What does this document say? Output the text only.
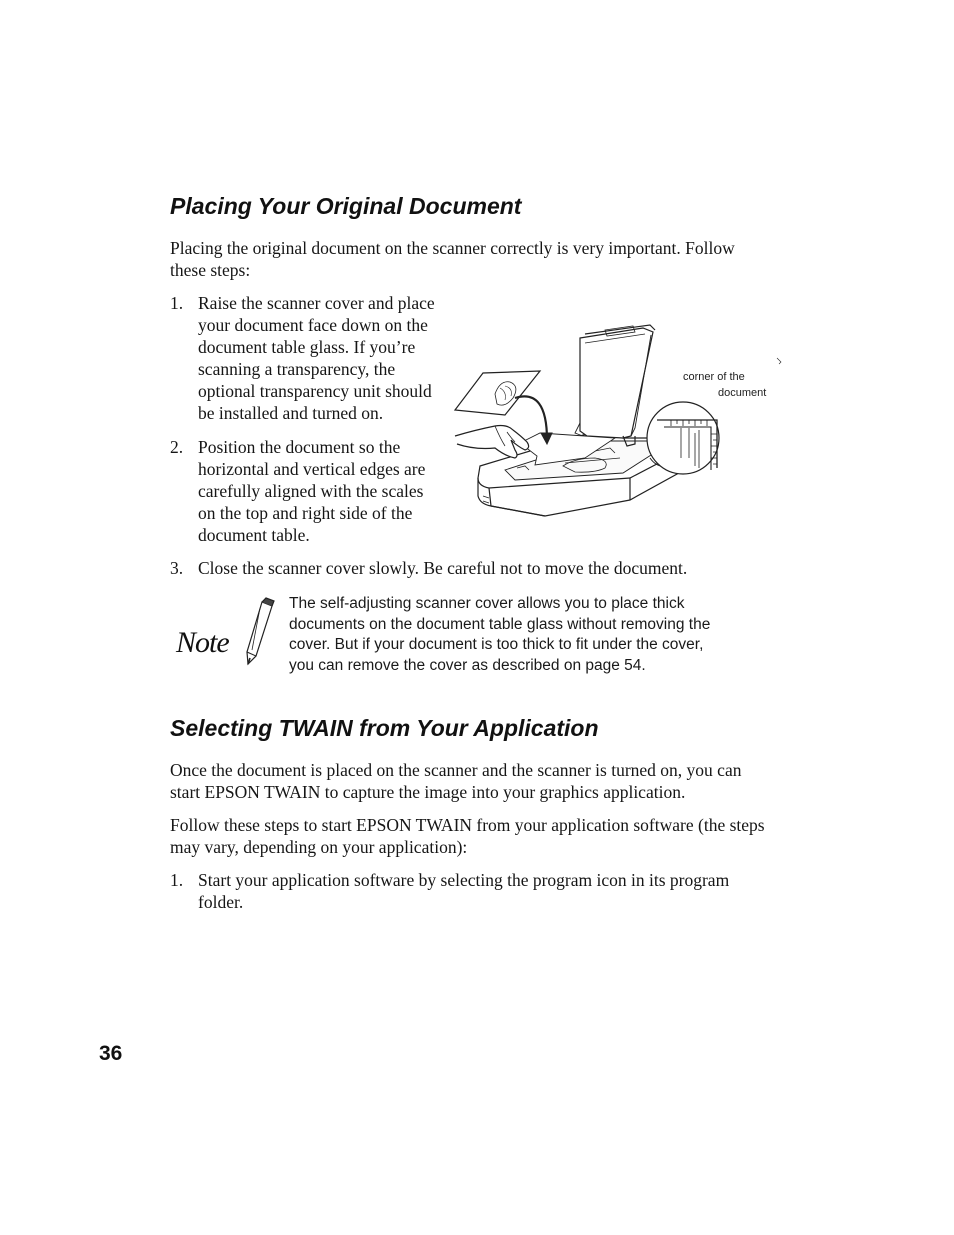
Placing Your Original Document

Placing the original document on the scanner correctly is very important. Follow
these steps:

1. Raise the scanner cover and place
your document face down on the
document table glass. If you’re
scanning a transparency, the
optional transparency unit should
be installed and turned on.
2. Position the document so the
horizontal and vertical edges are
carefully aligned with the scales
on the top and right side of the
document table.
3. Close the scanner cover slowly. Be careful not to move the document.

corner of the

document

Note

The self-adjusting scanner cover allows you to place thick
documents on the document table glass without removing the
cover. But if your document is too thick to fit under the cover,
you can remove the cover as described on page 54.

Selecting TWAIN from Your Application

Once the document is placed on the scanner and the scanner is turned on, you can
start EPSON TWAIN to capture the image into your graphics application.

Follow these steps to start EPSON TWAIN from your application software (the steps
may vary, depending on your application):

1. Start your application software by selecting the program icon in its program
folder.

36
